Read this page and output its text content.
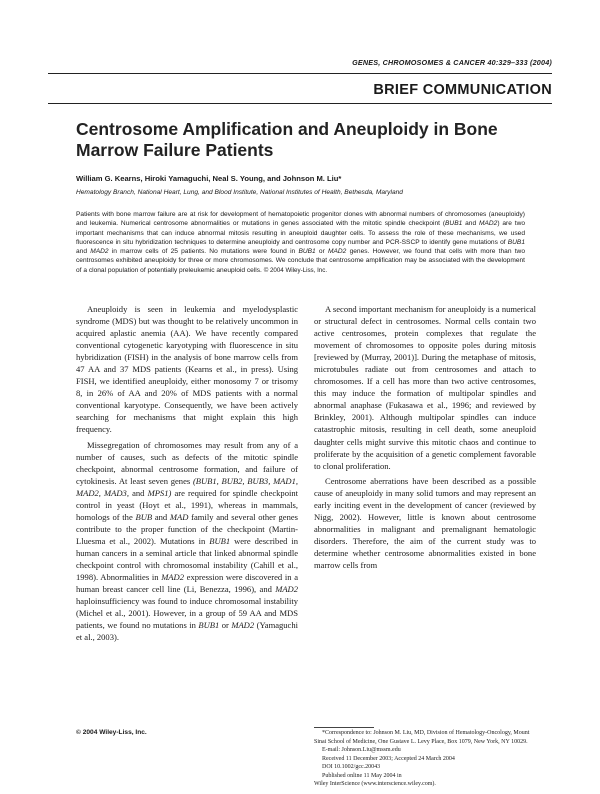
GENES, CHROMOSOMES & CANCER 40:329–333 (2004)
BRIEF COMMUNICATION
Centrosome Amplification and Aneuploidy in Bone Marrow Failure Patients
William G. Kearns, Hiroki Yamaguchi, Neal S. Young, and Johnson M. Liu*
Hematology Branch, National Heart, Lung, and Blood Institute, National Institutes of Health, Bethesda, Maryland
Patients with bone marrow failure are at risk for development of hematopoietic progenitor clones with abnormal numbers of chromosomes (aneuploidy) and leukemia. Numerical centrosome abnormalities or mutations in genes associated with the mitotic spindle checkpoint (BUB1 and MAD2) are two important mechanisms that can induce abnormal mitosis resulting in aneuploid daughter cells. To assess the role of these mechanisms, we used fluorescence in situ hybridization techniques to determine aneuploidy and centrosome copy number and PCR-SSCP to identify gene mutations of BUB1 and MAD2 in marrow cells of 25 patients. No mutations were found in BUB1 or MAD2 genes. However, we found that cells with more than two centrosomes exhibited aneuploidy for three or more chromosomes. We conclude that centrosome amplification may be associated with the development of a clonal population of potentially preleukemic aneuploid cells. © 2004 Wiley-Liss, Inc.

Aneuploidy is seen in leukemia and myelodysplastic syndrome (MDS) but was thought to be relatively uncommon in acquired aplastic anemia (AA). We have recently compared conventional cytogenetic karyotyping with fluorescence in situ hybridization (FISH) in the analysis of bone marrow cells from 47 AA and 37 MDS patients (Kearns et al., in press). Using FISH, we identified aneuploidy, either monosomy 7 or trisomy 8, in 26% of AA and 20% of MDS patients with a normal conventional karyotype. Consequently, we have been actively searching for mechanisms that might explain this high frequency.

Missegregation of chromosomes may result from any of a number of causes, such as defects of the mitotic spindle checkpoint, abnormal centrosome formation, and failure of cytokinesis. At least seven genes (BUB1, BUB2, BUB3, MAD1, MAD2, MAD3, and MPS1) are required for spindle checkpoint control in yeast (Hoyt et al., 1991), whereas in mammals, homologs of the BUB and MAD family and several other genes contribute to the proper function of the checkpoint (Martin-Lluesma et al., 2002). Mutations in BUB1 were described in human cancers in a seminal article that linked abnormal spindle checkpoint control with chromosomal instability (Cahill et al., 1998). Abnormalities in MAD2 expression were discovered in a human breast cancer cell line (Li, Benezza, 1996), and MAD2 haploinsufficiency was found to induce chromosomal instability (Michel et al., 2001). However, in a group of 59 AA and MDS patients, we found no mutations in BUB1 or MAD2 (Yamaguchi et al., 2003).

A second important mechanism for aneuploidy is a numerical or structural defect in centrosomes. Normal cells contain two active centrosomes, protein complexes that regulate the movement of chromosomes to opposite poles during mitosis [reviewed by (Murray, 2001)]. During the metaphase of mitosis, microtubules radiate out from centrosomes and attach to chromosomes. If a cell has more than two active centrosomes, this may induce the formation of multipolar spindles and abnormal anaphase (Fukasawa et al., 1996; and reviewed by Brinkley, 2001). Although multipolar spindles can induce catastrophic mitosis, resulting in cell death, some aneuploid daughter cells might survive this mitotic chaos and continue to proliferate by the acquisition of a genetic complement favorable to clonal proliferation.

Centrosome aberrations have been described as a possible cause of aneuploidy in many solid tumors and may represent an early inciting event in the development of cancer (reviewed by Nigg, 2002). However, little is known about centrosome abnormalities in malignant and premalignant hematologic disorders. Therefore, the aim of the current study was to determine whether centrosome abnormalities existed in bone marrow cells from

*Correspondence to: Johnson M. Liu, MD, Division of Hematology-Oncology, Mount Sinai School of Medicine, One Gustave L. Levy Place, Box 1079, New York, NY 10029.
E-mail: Johnson.Liu@mssm.edu
Received 11 December 2003; Accepted 24 March 2004
DOI 10.1002/gcc.20043
Published online 11 May 2004 in
Wiley InterScience (www.interscience.wiley.com).
© 2004 Wiley-Liss, Inc.
